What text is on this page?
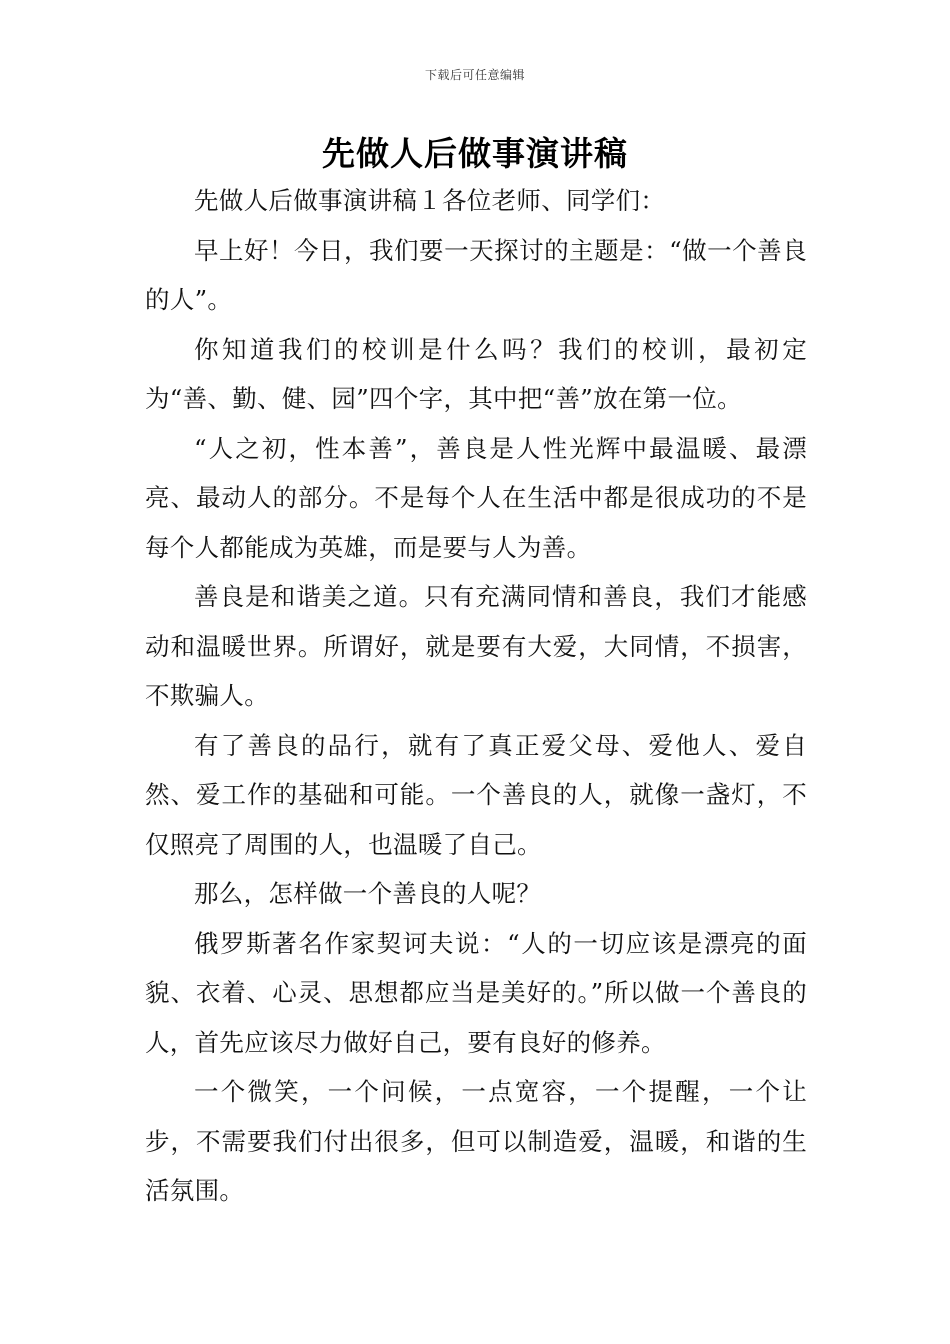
下载后可任意编辑
先做人后做事演讲稿

先做人后做事演讲稿１各位老师、同学们：

早上好！今日，我们要一天探讨的主题是：“做一个善良的人”。

你知道我们的校训是什么吗？我们的校训，最初定为“善、勤、健、园”四个字，其中把“善”放在第一位。

“人之初，性本善”，善良是人性光辉中最温暖、最漂亮、最动人的部分。不是每个人在生活中都是很成功的不是每个人都能成为英雄，而是要与人为善。

善良是和谐美之道。只有充满同情和善良，我们才能感动和温暖世界。所谓好，就是要有大爱，大同情，不损害，不欺骗人。

有了善良的品行，就有了真正爱父母、爱他人、爱自然、爱工作的基础和可能。一个善良的人，就像一盏灯，不仅照亮了周围的人，也温暖了自己。

那么，怎样做一个善良的人呢？

俄罗斯著名作家契诃夫说：“人的一切应该是漂亮的面貌、衣着、心灵、思想都应当是美好的。”所以做一个善良的人，首先应该尽力做好自己，要有良好的修养。

一个微笑，一个问候，一点宽容，一个提醒，一个让步，不需要我们付出很多，但可以制造爱，温暖，和谐的生活氛围。
